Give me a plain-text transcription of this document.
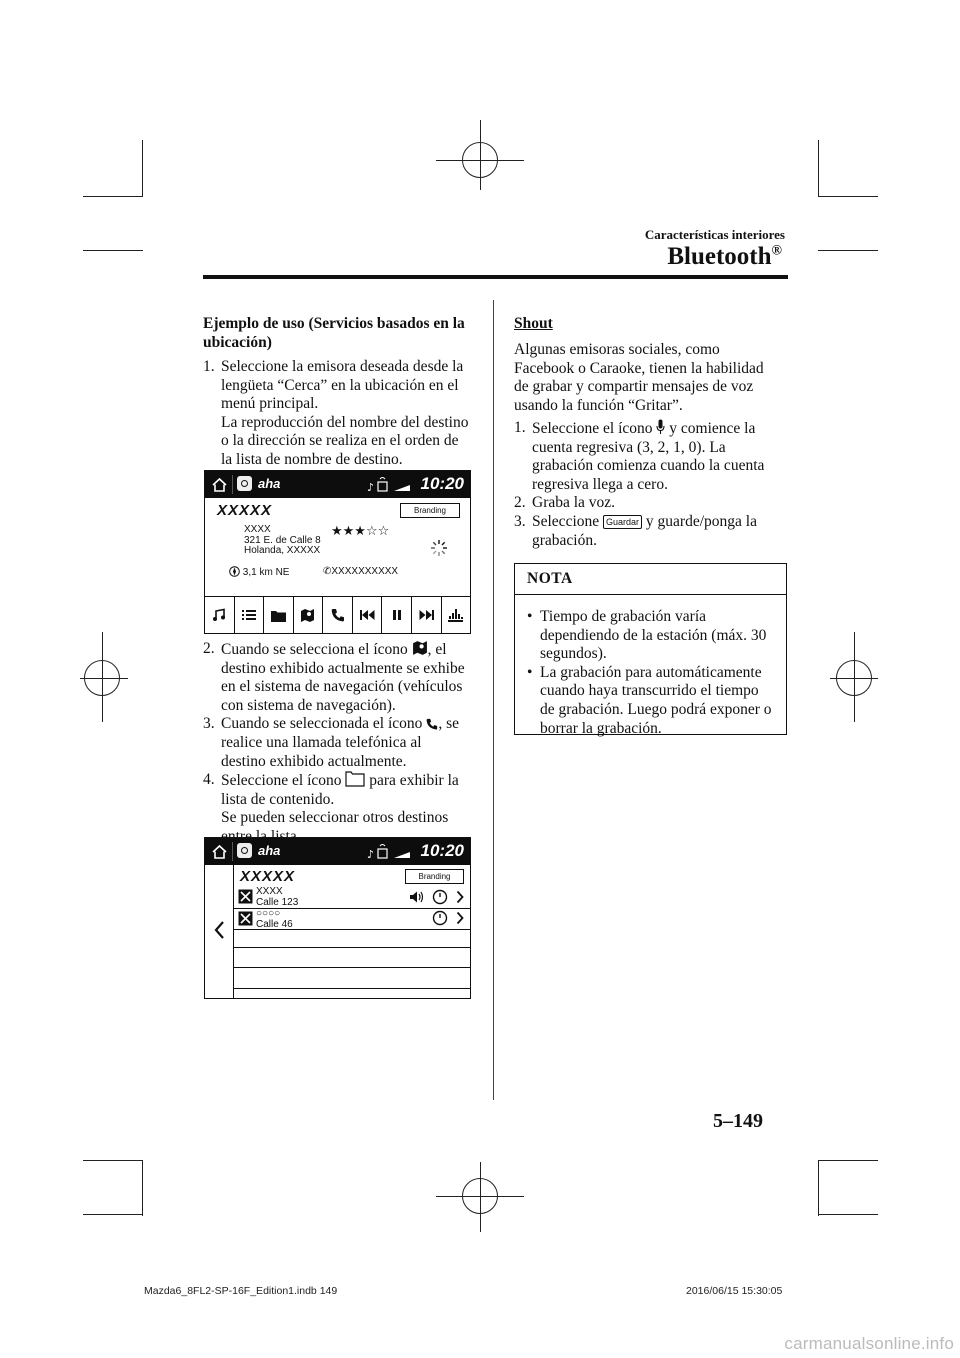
Características interiores
Bluetooth®
Ejemplo de uso (Servicios basados en la
ubicación)
1. Seleccione la emisora deseada desde la

lengüeta “Cerca” en la ubicación en el

menú principal.

La reproducción del nombre del destino

o la dirección se realiza en el orden de

la lista de nombre de destino.

aha	♪	10:20
XXXXX	Branding
XXXX
321 E. de Calle 8
Holanda, XXXXX
★★★☆☆
3,1 km NE	✆XXXXXXXXXX
2. Cuando se selecciona el ícono , el

destino exhibido actualmente se exhibe

en el sistema de navegación (vehículos

con sistema de navegación).

3. Cuando se seleccionada el ícono , se

realice una llamada telefónica al

destino exhibido actualmente.

4. Seleccione el ícono  para exhibir la

lista de contenido.

Se pueden seleccionar otros destinos

aha	♪	10:20
XXXXX	Branding
XXXX
Calle 123
○○○○
Calle 46
Shout
Algunas emisoras sociales, como
Facebook o Caraoke, tienen la habilidad
de grabar y compartir mensajes de voz
usando la función “Gritar”.
1. Seleccione el ícono  y comience la

cuenta regresiva (3, 2, 1, 0). La

grabación comienza cuando la cuenta

regresiva llega a cero.

2. Graba la voz.

3. Seleccione Guardar y guarde/ponga la

grabación.

NOTA
• Tiempo de grabación varía
dependiendo de la estación (máx. 30
segundos).
• La grabación para automáticamente
cuando haya transcurrido el tiempo
de grabación. Luego podrá exponer o
borrar la grabación.
5–149
Mazda6_8FL2-SP-16F_Edition1.indb 149	2016/06/15 15:30:05
carmanualsonline.info
